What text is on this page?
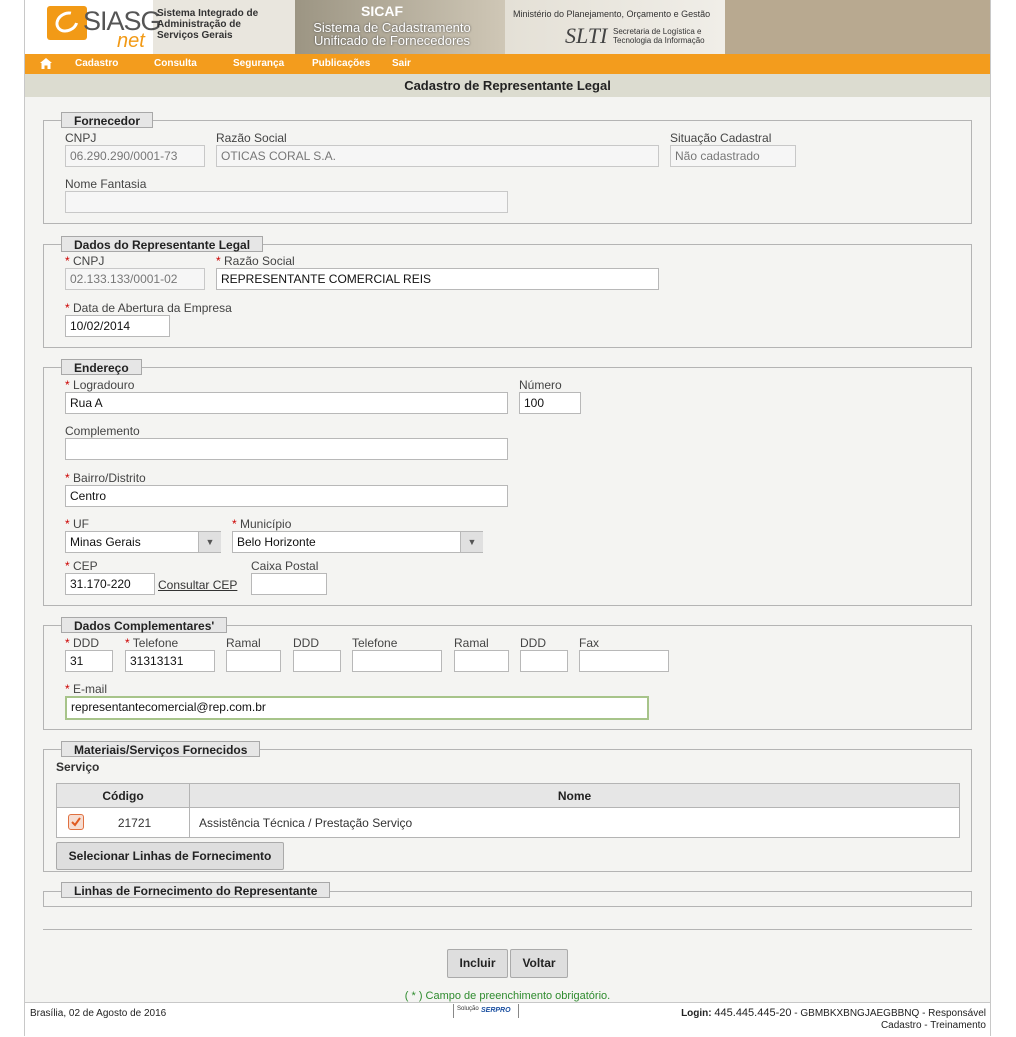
SIASG
net
Sistema Integrado de
Administração de
Serviços Gerais
SICAF
Sistema de Cadastramento
Unificado de Fornecedores
Ministério do Planejamento, Orçamento e Gestão
SLTI Secretaria de Logística e
Tecnologia da Informação
Cadastro	Consulta	Segurança	Publicações Sair
Cadastro de Representante Legal
Fornecedor
CNPJ
06.290.290/0001-73
Razão Social
OTICAS CORAL S.A.
Situação Cadastral
Não cadastrado
Nome Fantasia
Dados do Representante Legal
* CNPJ
02.133.133/0001-02
* Razão Social
REPRESENTANTE COMERCIAL REIS
* Data de Abertura da Empresa
10/02/2014
Endereço
* Logradouro
Rua A
Número
100
Complemento
* Bairro/Distrito
Centro
* UF
Minas Gerais	▼
* Município
Belo Horizonte	▼
* CEP
31.170-220	Consultar CEP
Caixa Postal
Dados Complementares'
* DDD
31
* Telefone
31313131
Ramal	DDD	Telefone	Ramal	DDD	Fax
* E-mail
representantecomercial@rep.com.br
Materiais/Serviços Fornecidos
Serviço
Código	Nome

21721	Assistência Técnica / Prestação Serviço
Selecionar Linhas de Fornecimento
Linhas de Fornecimento do Representante
Incluir	Voltar
( * ) Campo de preenchimento obrigatório.
Brasília, 02 de Agosto de 2016	Solução SERPRO	Login: 445.445.445-20 - GBMBKXBNGJAEGBBNQ - Responsável
Cadastro - Treinamento
